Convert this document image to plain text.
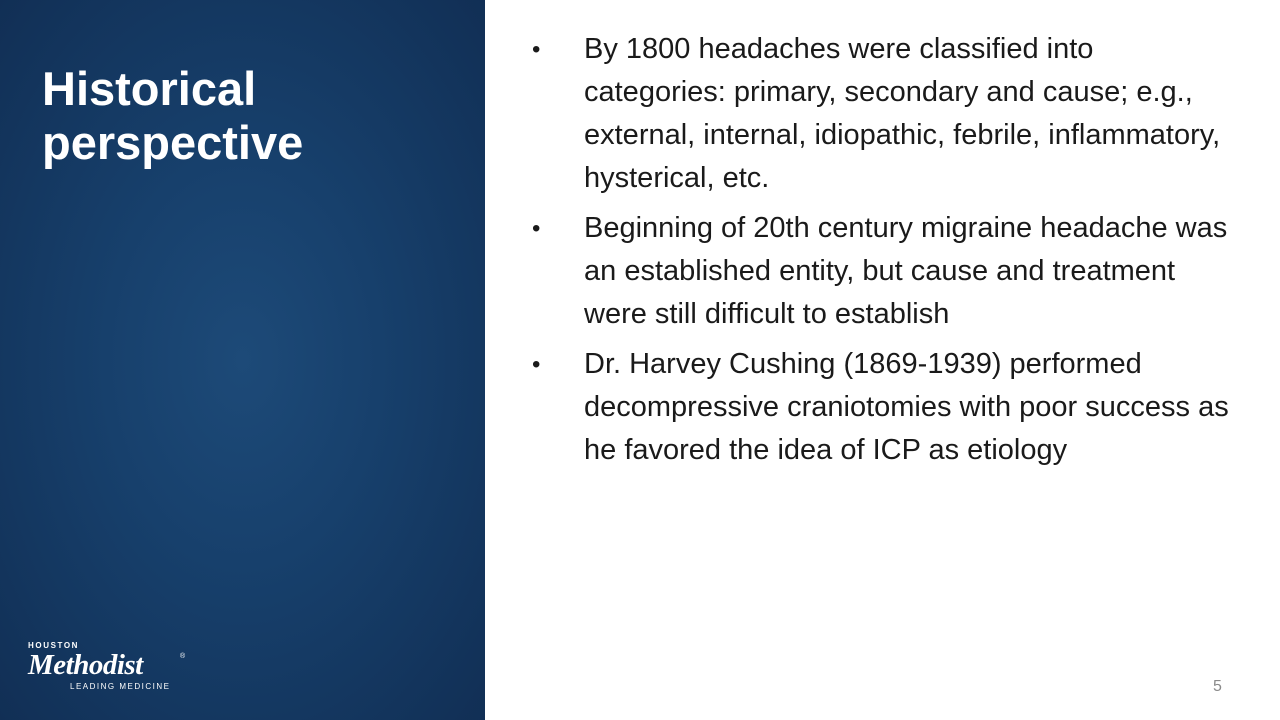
Historical
perspective
HOUSTON
Methodist	®
LEADING MEDICINE
• By 1800 headaches were classified into categories: primary, secondary and cause; e.g., external, internal, idiopathic, febrile, inflammatory, hysterical, etc.
• Beginning of 20th century migraine headache was an established entity, but cause and treatment were still difficult to establish
• Dr. Harvey Cushing (1869-1939) performed decompressive craniotomies with poor success as he favored the idea of ICP as etiology
5
